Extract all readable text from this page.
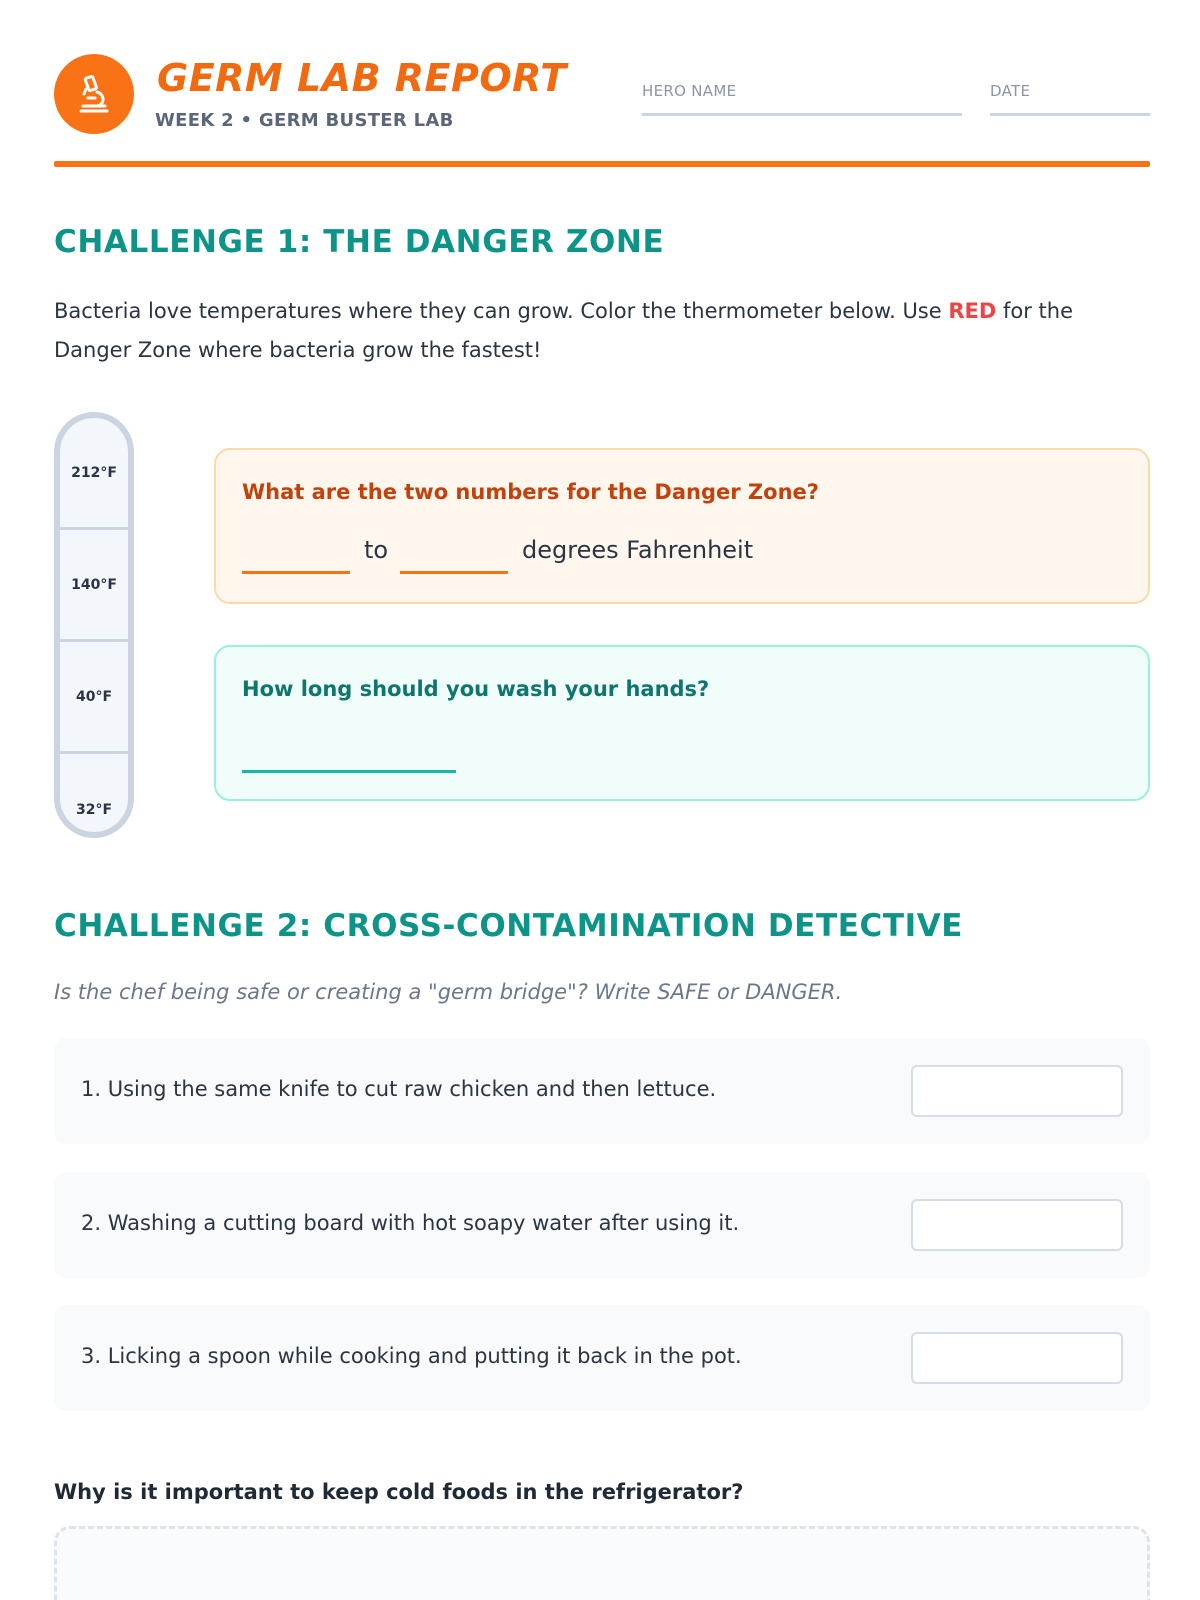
GERM LAB REPORT
WEEK 2 • GERM BUSTER LAB
HERO NAME	DATE
CHALLENGE 1: THE DANGER ZONE

Bacteria love temperatures where they can grow. Color the thermometer below. Use RED for the Danger Zone where bacteria grow the fastest!

212°F
140°F
40°F
32°F
What are the two numbers for the Danger Zone?
to	degrees Fahrenheit
How long should you wash your hands?
CHALLENGE 2: CROSS-CONTAMINATION DETECTIVE
Is the chef being safe or creating a "germ bridge"? Write SAFE or DANGER.
1. Using the same knife to cut raw chicken and then lettuce.
2. Washing a cutting board with hot soapy water after using it.
3. Licking a spoon while cooking and putting it back in the pot.
Why is it important to keep cold foods in the refrigerator?
